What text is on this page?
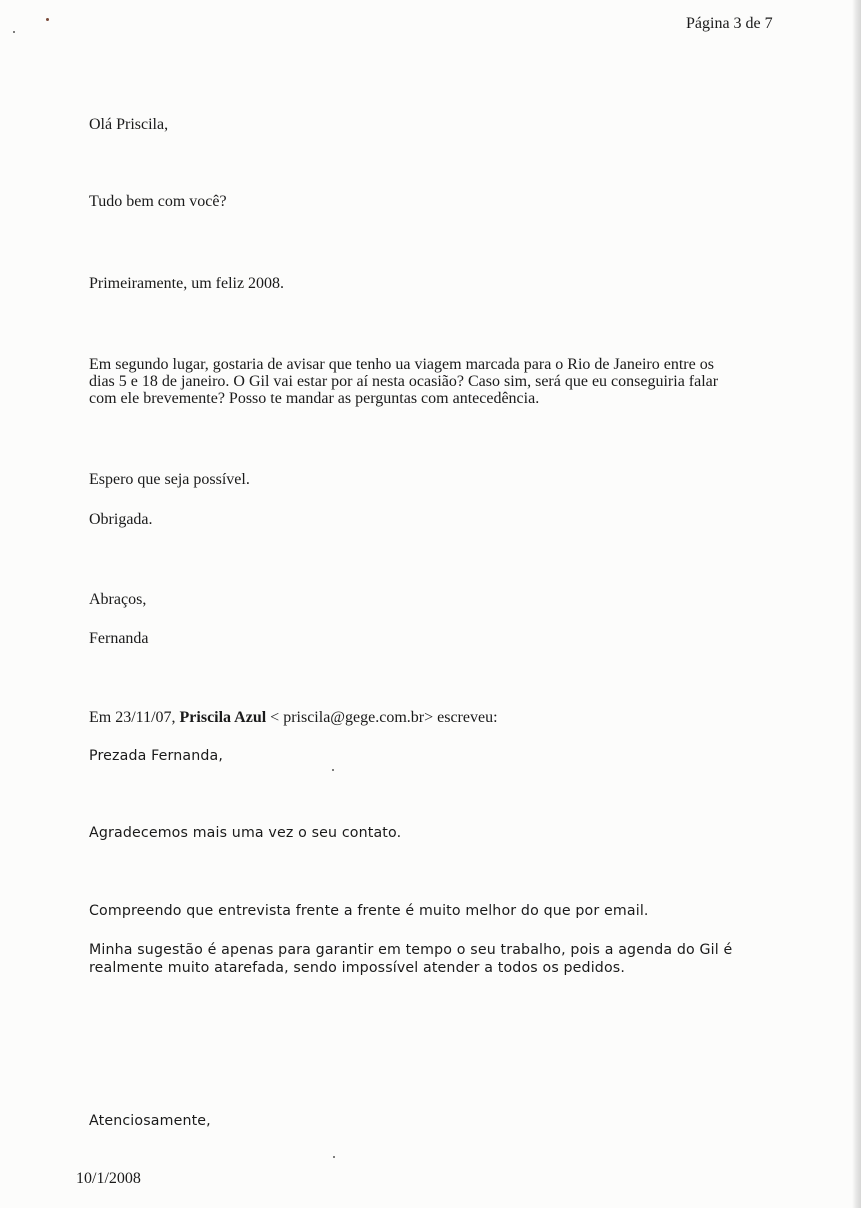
Página 3 de 7
Olá Priscila,
Tudo bem com você?
Primeiramente, um feliz 2008.
Em segundo lugar, gostaria de avisar que tenho ua viagem marcada para o Rio de Janeiro entre os
dias 5 e 18 de janeiro. O Gil vai estar por aí nesta ocasião? Caso sim, será que eu conseguiria falar
com ele brevemente? Posso te mandar as perguntas com antecedência.
Espero que seja possível.
Obrigada.
Abraços,
Fernanda
Em 23/11/07, Priscila Azul < priscila@gege.com.br> escreveu:
Prezada Fernanda,
Agradecemos mais uma vez o seu contato.
Compreendo que entrevista frente a frente é muito melhor do que por email.
Minha sugestão é apenas para garantir em tempo o seu trabalho, pois a agenda do Gil é
realmente muito atarefada, sendo impossível atender a todos os pedidos.
Atenciosamente,
10/1/2008
